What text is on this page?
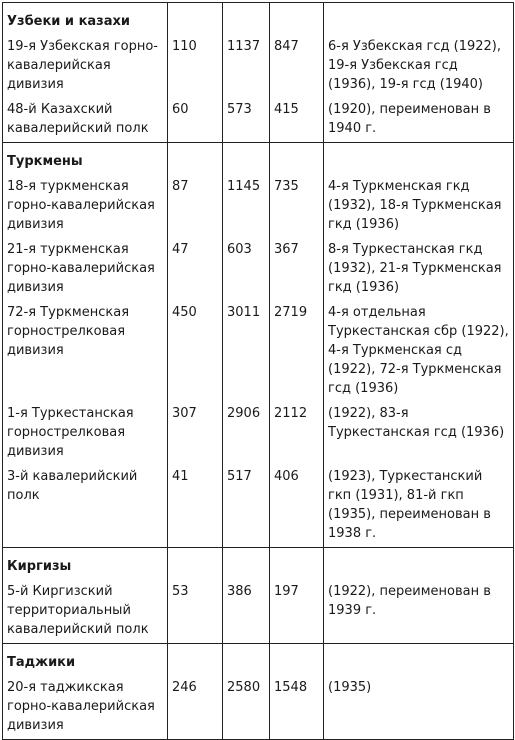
Узбеки и казахи				
19-я Узбекская горно-кавалерийская дивизия	110	1137	847	6-я Узбекская гсд (1922), 19-я Узбекская гсд (1936), 19-я гсд (1940)
48-й Казахский кавалерийский полк	60	573	415	(1920), переименован в 1940 г.
Туркмены				
18-я туркменская горно-кавалерийская дивизия	87	1145	735	4-я Туркменская гкд (1932), 18-я Туркменская гкд (1936)
21-я туркменская горно-кавалерийская дивизия	47	603	367	8-я Туркестанская гкд (1932), 21-я Туркменская гкд (1936)
72-я Туркменская горнострелковая дивизия	450	3011	2719	4-я отдельная Туркестанская сбр (1922), 4-я Туркменская сд (1922), 72-я Туркменская гсд (1936)
1-я Туркестанская горнострелковая дивизия	307	2906	2112	(1922), 83-я Туркестанская гсд (1936)
3-й кавалерийский полк	41	517	406	(1923), Туркестанский гкп (1931), 81-й гкп (1935), переименован в 1938 г.
Киргизы				
5-й Киргизский территориальный кавалерийский полк	53	386	197	(1922), переименован в 1939 г.
Таджики				
20-я таджикская горно-кавалерийская дивизия	246	2580	1548	(1935)
